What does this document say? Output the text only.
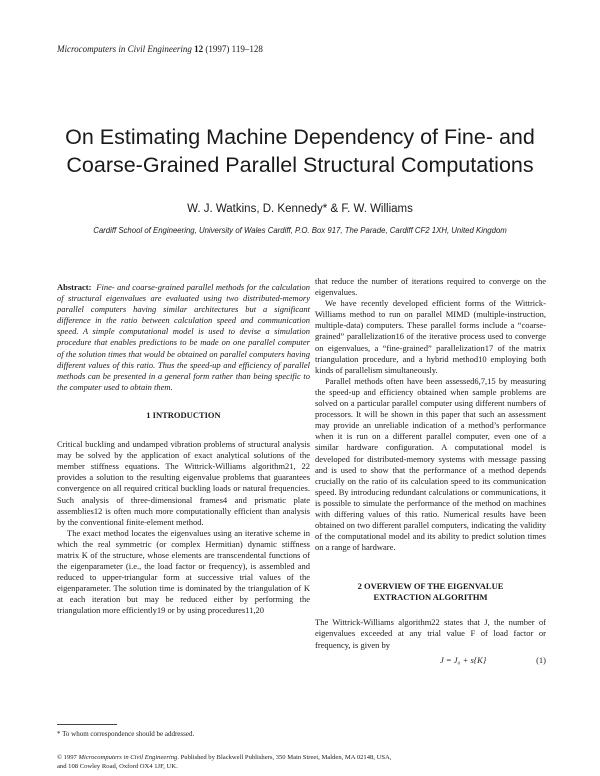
Microcomputers in Civil Engineering 12 (1997) 119–128
On Estimating Machine Dependency of Fine- and
Coarse-Grained Parallel Structural Computations
W. J. Watkins, D. Kennedy* & F. W. Williams
Cardiff School of Engineering, University of Wales Cardiff, P.O. Box 917, The Parade, Cardiff CF2 1XH, United Kingdom

Abstract: Fine- and coarse-grained parallel methods for the calculation of structural eigenvalues are evaluated using two distributed-memory parallel computers having similar architectures but a significant difference in the ratio between calculation speed and communication speed. A simple computational model is used to devise a simulation procedure that enables predictions to be made on one parallel computer of the solution times that would be obtained on parallel computers having different values of this ratio. Thus the speed-up and efficiency of parallel methods can be presented in a general form rather than being specific to the computer used to obtain them.

1 INTRODUCTION

Critical buckling and undamped vibration problems of structural analysis may be solved by the application of exact analytical solutions of the member stiffness equations. The Wittrick-Williams algorithm21, 22 provides a solution to the resulting eigenvalue problems that guarantees convergence on all required critical buckling loads or natural frequencies. Such analysis of three-dimensional frames4 and prismatic plate assemblies12 is often much more computationally efficient than analysis by the conventional finite-element method.

The exact method locates the eigenvalues using an iterative scheme in which the real symmetric (or complex Hermitian) dynamic stiffness matrix K of the structure, whose elements are transcendental functions of the eigenparameter (i.e., the load factor or frequency), is assembled and reduced to upper-triangular form at successive trial values of the eigenparameter. The solution time is dominated by the triangulation of K at each iteration but may be reduced either by performing the triangulation more efficiently19 or by using procedures11,20

that reduce the number of iterations required to converge on the eigenvalues.

We have recently developed efficient forms of the Wittrick-Williams method to run on parallel MIMD (multiple-instruction, multiple-data) computers. These parallel forms include a “coarse-grained” parallelization16 of the iterative process used to converge on eigenvalues, a “fine-grained” parallelization17 of the matrix triangulation procedure, and a hybrid method10 employing both kinds of parallelism simultaneously.

Parallel methods often have been assessed6,7,15 by measuring the speed-up and efficiency obtained when sample problems are solved on a particular parallel computer using different numbers of processors. It will be shown in this paper that such an assessment may provide an unreliable indication of a method’s performance when it is run on a different parallel computer, even one of a similar hardware configuration. A computational model is developed for distributed-memory systems with message passing and is used to show that the performance of a method depends crucially on the ratio of its calculation speed to its communication speed. By introducing redundant calculations or communications, it is possible to simulate the performance of the method on machines with differing values of this ratio. Numerical results have been obtained on two different parallel computers, indicating the validity of the computational model and its ability to predict solution times on a range of hardware.

2 OVERVIEW OF THE EIGENVALUE
EXTRACTION ALGORITHM

The Wittrick-Williams algorithm22 states that J, the number of eigenvalues exceeded at any trial value F of load factor or frequency, is given by

J = J₀ + s{K}	(1)
* To whom correspondence should be addressed.
© 1997 Microcomputers in Civil Engineering. Published by Blackwell Publishers, 350 Main Street, Malden, MA 02148, USA,
and 108 Cowley Road, Oxford OX4 1JF, UK.
